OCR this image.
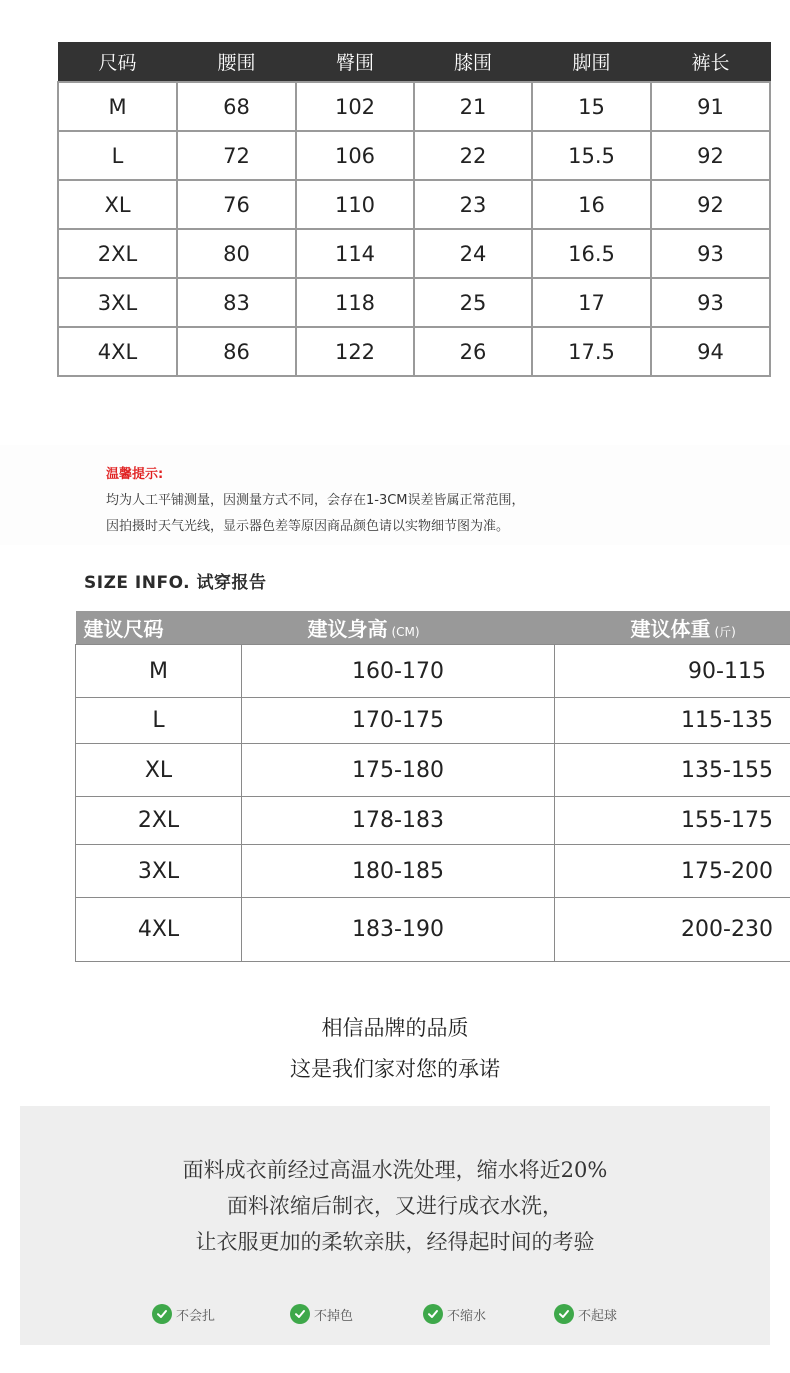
尺码	腰围	臀围	膝围	脚围	裤长
M	68	102	21	15	91
L	72	106	22	15.5	92
XL	76	110	23	16	92
2XL	80	114	24	16.5	93
3XL	83	118	25	17	93
4XL	86	122	26	17.5	94
温馨提示:
均为人工平铺测量，因测量方式不同，会存在1-3CM误差皆属正常范围，
因拍摄时天气光线，显示器色差等原因商品颜色请以实物细节图为准。
SIZE INFO. 试穿报告
建议尺码	建议身高 (CM)	建议体重 (斤)
M	160-170	90-115
L	170-175	115-135
XL	175-180	135-155
2XL	178-183	155-175
3XL	180-185	175-200
4XL	183-190	200-230
相信品牌的品质
这是我们家对您的承诺
面料成衣前经过高温水洗处理，缩水将近20%
面料浓缩后制衣，又进行成衣水洗，
让衣服更加的柔软亲肤，经得起时间的考验
不会扎	不掉色	不缩水	不起球
